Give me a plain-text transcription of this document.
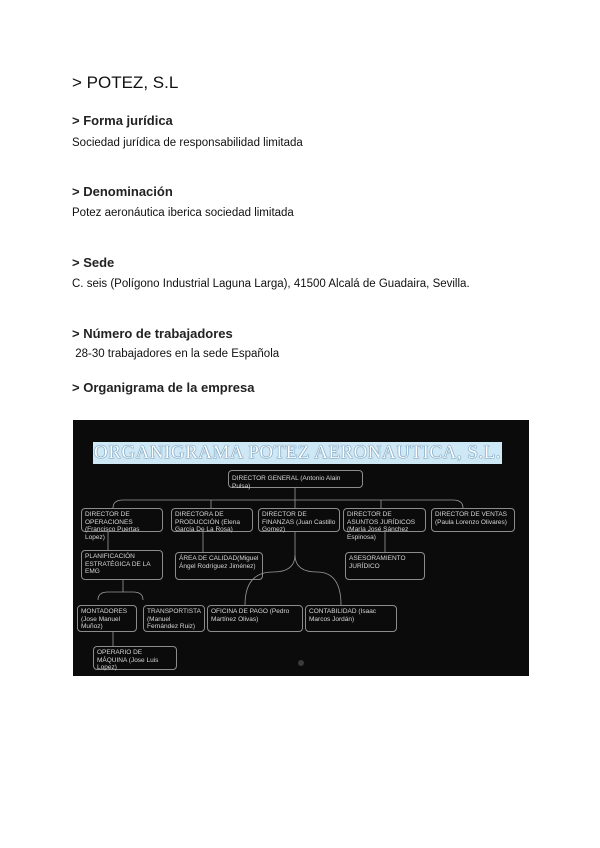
> POTEZ, S.L
> Forma jurídica

Sociedad jurídica de responsabilidad limitada

> Denominación

Potez aeronáutica iberica sociedad limitada

> Sede

C. seis (Polígono Industrial Laguna Larga), 41500 Alcalá de Guadaira, Sevilla.

> Número de trabajadores

28-30 trabajadores en la sede Española

> Organigrama de la empresa
ORGANIGRAMA POTEZ AERONAUTICA, S.L.
DIRECTOR GENERAL (Antonio Alain Pulsa)
DIRECTOR DE OPERACIONES (Francisco Puertas Lopez)
DIRECTORA DE PRODUCCIÓN (Elena García De La Rosa)
DIRECTOR DE FINANZAS (Juan Castillo Gomez)
DIRECTOR DE ASUNTOS JURÍDICOS (María José Sánchez Espinosa)
DIRECTOR DE VENTAS (Paula Lorenzo Olivares)
PLANIFICACIÓN ESTRATÉGICA DE LA EMG
ÁREA DE CALIDAD(Miguel Ángel Rodríguez Jiménez)
ASESORAMIENTO JURÍDICO
MONTADORES (Jose Manuel Muñoz)
TRANSPORTISTA (Manuel Fernández Ruiz)
OFICINA DE PAGO (Pedro Martínez Olivas)
CONTABILIDAD (Isaac Marcos Jordán)
OPERARIO DE MÁQUINA (Jose Luis Lopez)
